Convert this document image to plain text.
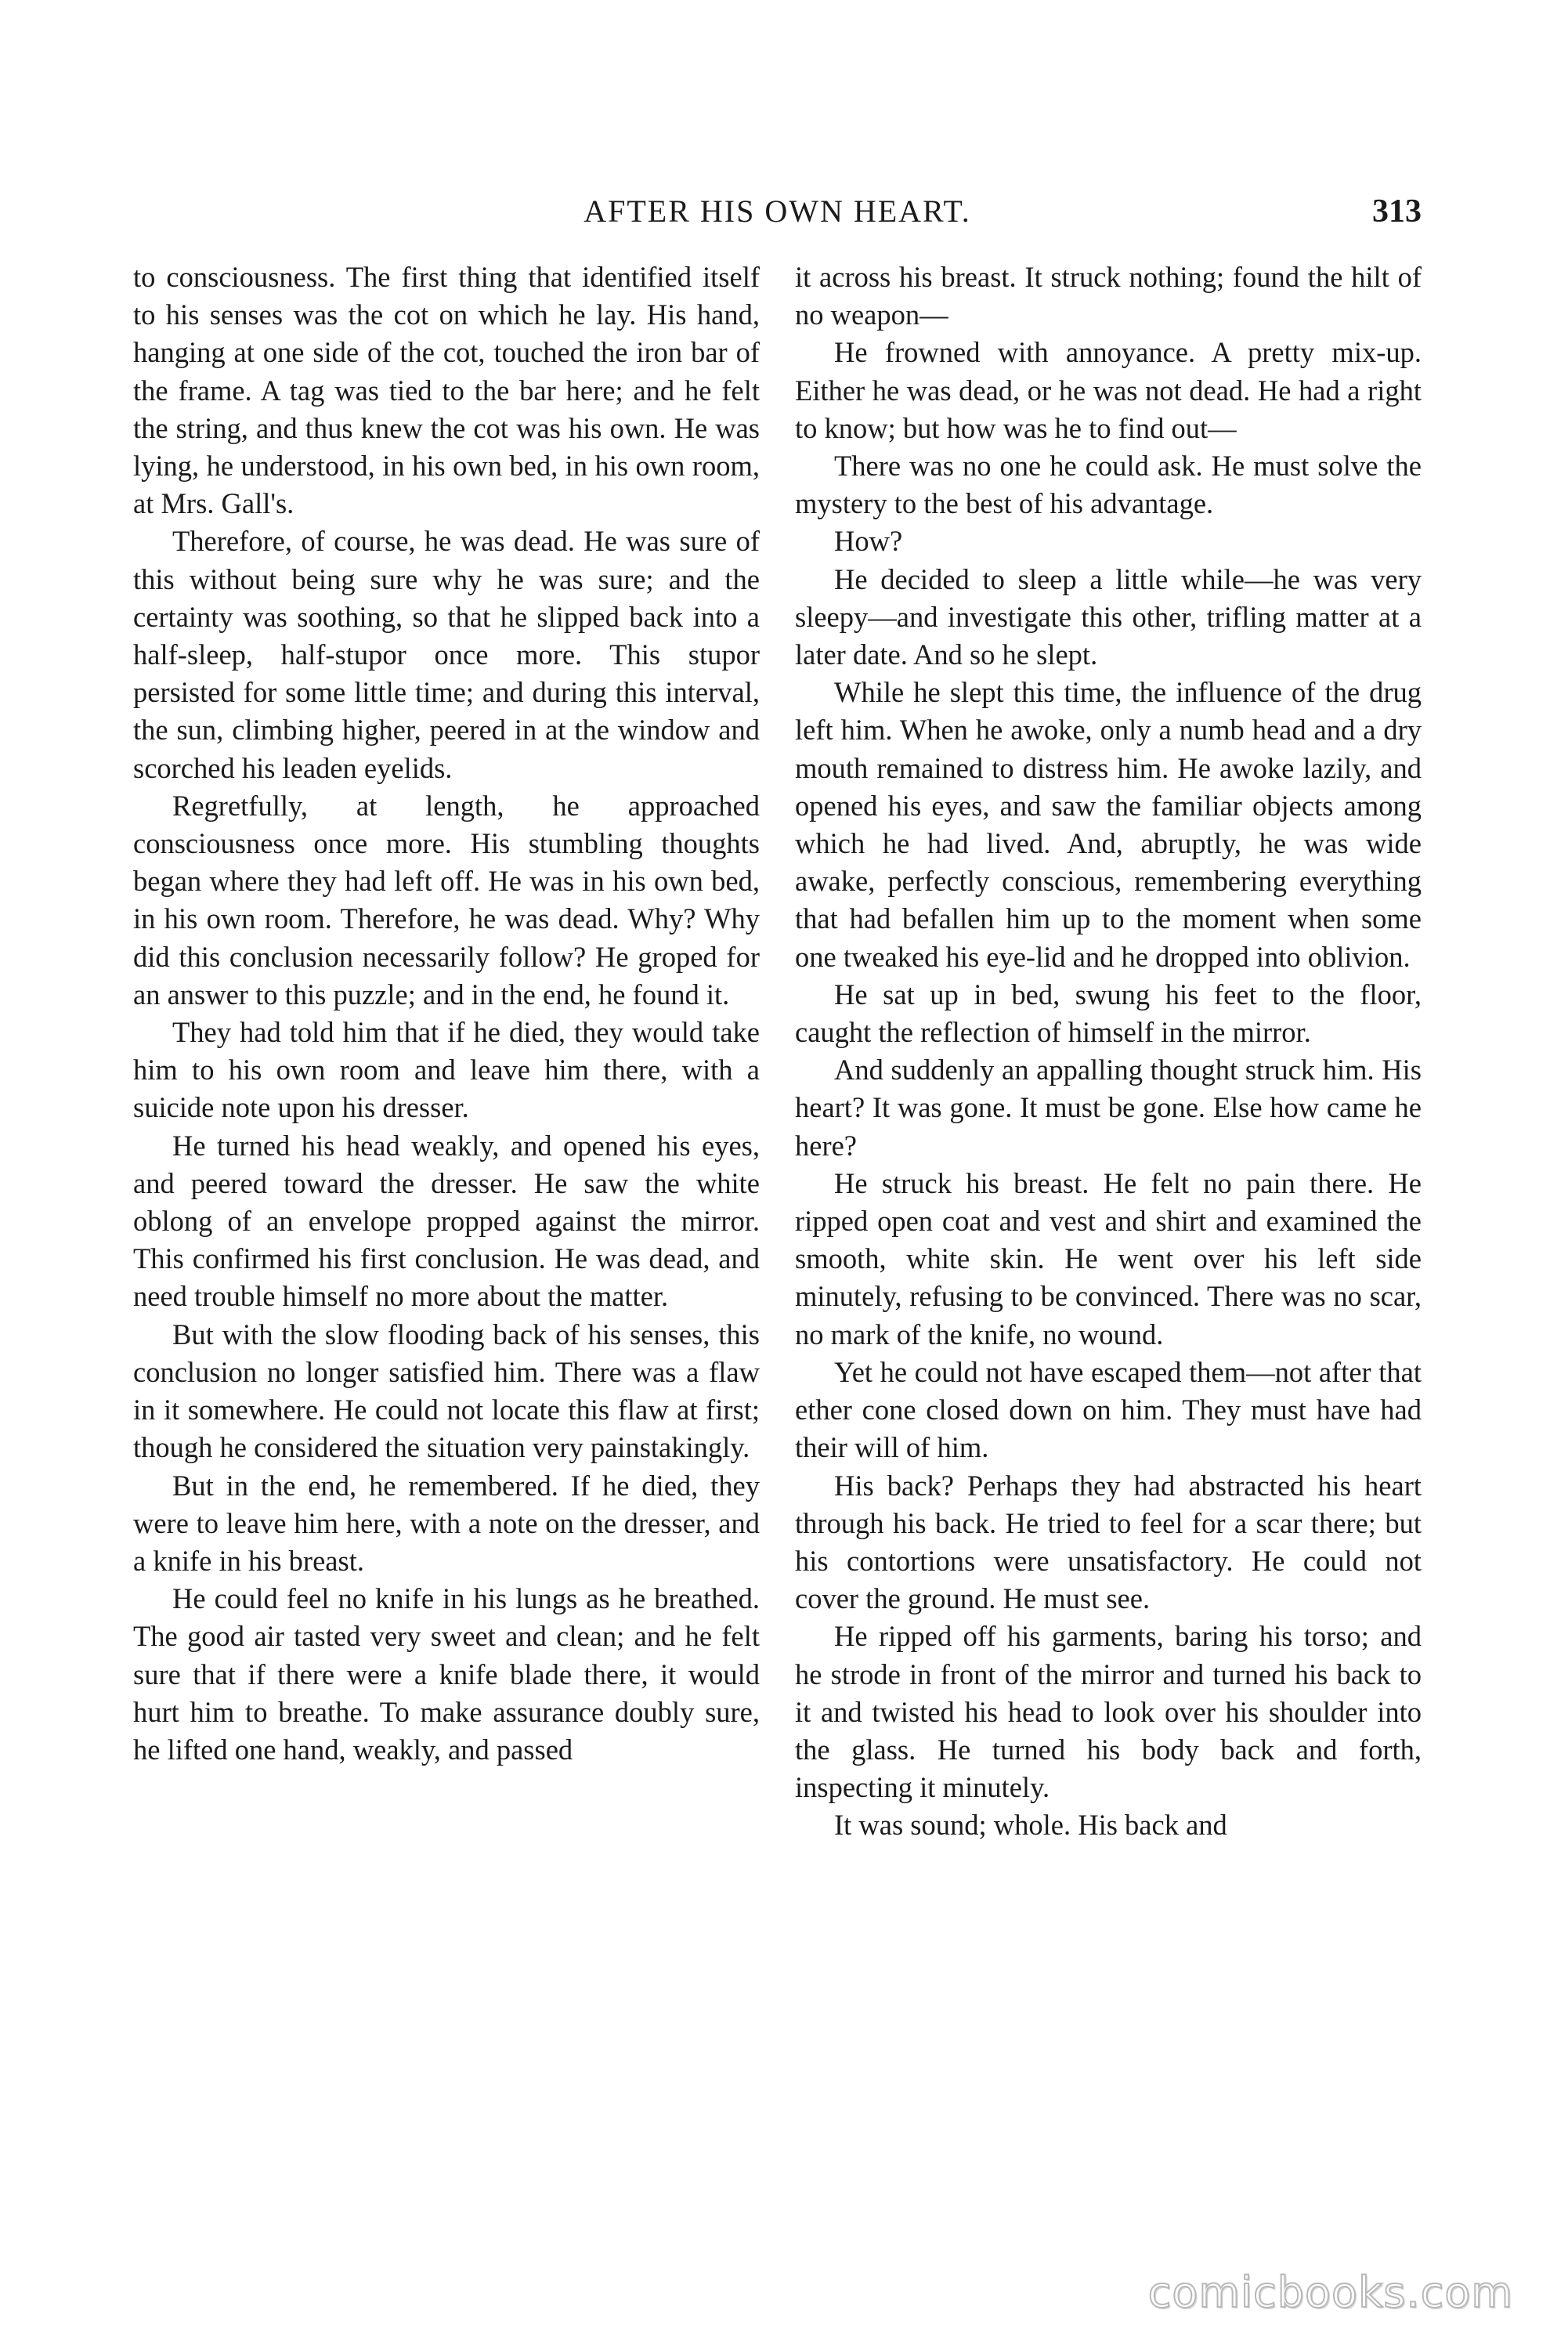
AFTER HIS OWN HEART.	313

to consciousness. The first thing that identified itself to his senses was the cot on which he lay. His hand, hanging at one side of the cot, touched the iron bar of the frame. A tag was tied to the bar here; and he felt the string, and thus knew the cot was his own. He was lying, he understood, in his own bed, in his own room, at Mrs. Gall's.

Therefore, of course, he was dead. He was sure of this without being sure why he was sure; and the certainty was soothing, so that he slipped back into a half-sleep, half-stupor once more. This stupor persisted for some little time; and during this interval, the sun, climbing higher, peered in at the window and scorched his leaden eyelids.

Regretfully, at length, he approached consciousness once more. His stumbling thoughts began where they had left off. He was in his own bed, in his own room. Therefore, he was dead. Why? Why did this conclusion necessarily follow? He groped for an answer to this puzzle; and in the end, he found it.

They had told him that if he died, they would take him to his own room and leave him there, with a suicide note upon his dresser.

He turned his head weakly, and opened his eyes, and peered toward the dresser. He saw the white oblong of an envelope propped against the mirror. This confirmed his first conclusion. He was dead, and need trouble himself no more about the matter.

But with the slow flooding back of his senses, this conclusion no longer satisfied him. There was a flaw in it somewhere. He could not locate this flaw at first; though he considered the situation very painstakingly.

But in the end, he remembered. If he died, they were to leave him here, with a note on the dresser, and a knife in his breast.

He could feel no knife in his lungs as he breathed. The good air tasted very sweet and clean; and he felt sure that if there were a knife blade there, it would hurt him to breathe. To make assurance doubly sure, he lifted one hand, weakly, and passed

it across his breast. It struck nothing; found the hilt of no weapon—

He frowned with annoyance. A pretty mix-up. Either he was dead, or he was not dead. He had a right to know; but how was he to find out—

There was no one he could ask. He must solve the mystery to the best of his advantage.

How?

He decided to sleep a little while—he was very sleepy—and investigate this other, trifling matter at a later date. And so he slept.

While he slept this time, the influence of the drug left him. When he awoke, only a numb head and a dry mouth remained to distress him. He awoke lazily, and opened his eyes, and saw the familiar objects among which he had lived. And, abruptly, he was wide awake, perfectly conscious, remembering everything that had befallen him up to the moment when some one tweaked his eye-lid and he dropped into oblivion.

He sat up in bed, swung his feet to the floor, caught the reflection of himself in the mirror.

And suddenly an appalling thought struck him. His heart? It was gone. It must be gone. Else how came he here?

He struck his breast. He felt no pain there. He ripped open coat and vest and shirt and examined the smooth, white skin. He went over his left side minutely, refusing to be convinced. There was no scar, no mark of the knife, no wound.

Yet he could not have escaped them—not after that ether cone closed down on him. They must have had their will of him.

His back? Perhaps they had abstracted his heart through his back. He tried to feel for a scar there; but his contortions were unsatisfactory. He could not cover the ground. He must see.

He ripped off his garments, baring his torso; and he strode in front of the mirror and turned his back to it and twisted his head to look over his shoulder into the glass. He turned his body back and forth, inspecting it minutely.

It was sound; whole. His back and

comicbooks.com
